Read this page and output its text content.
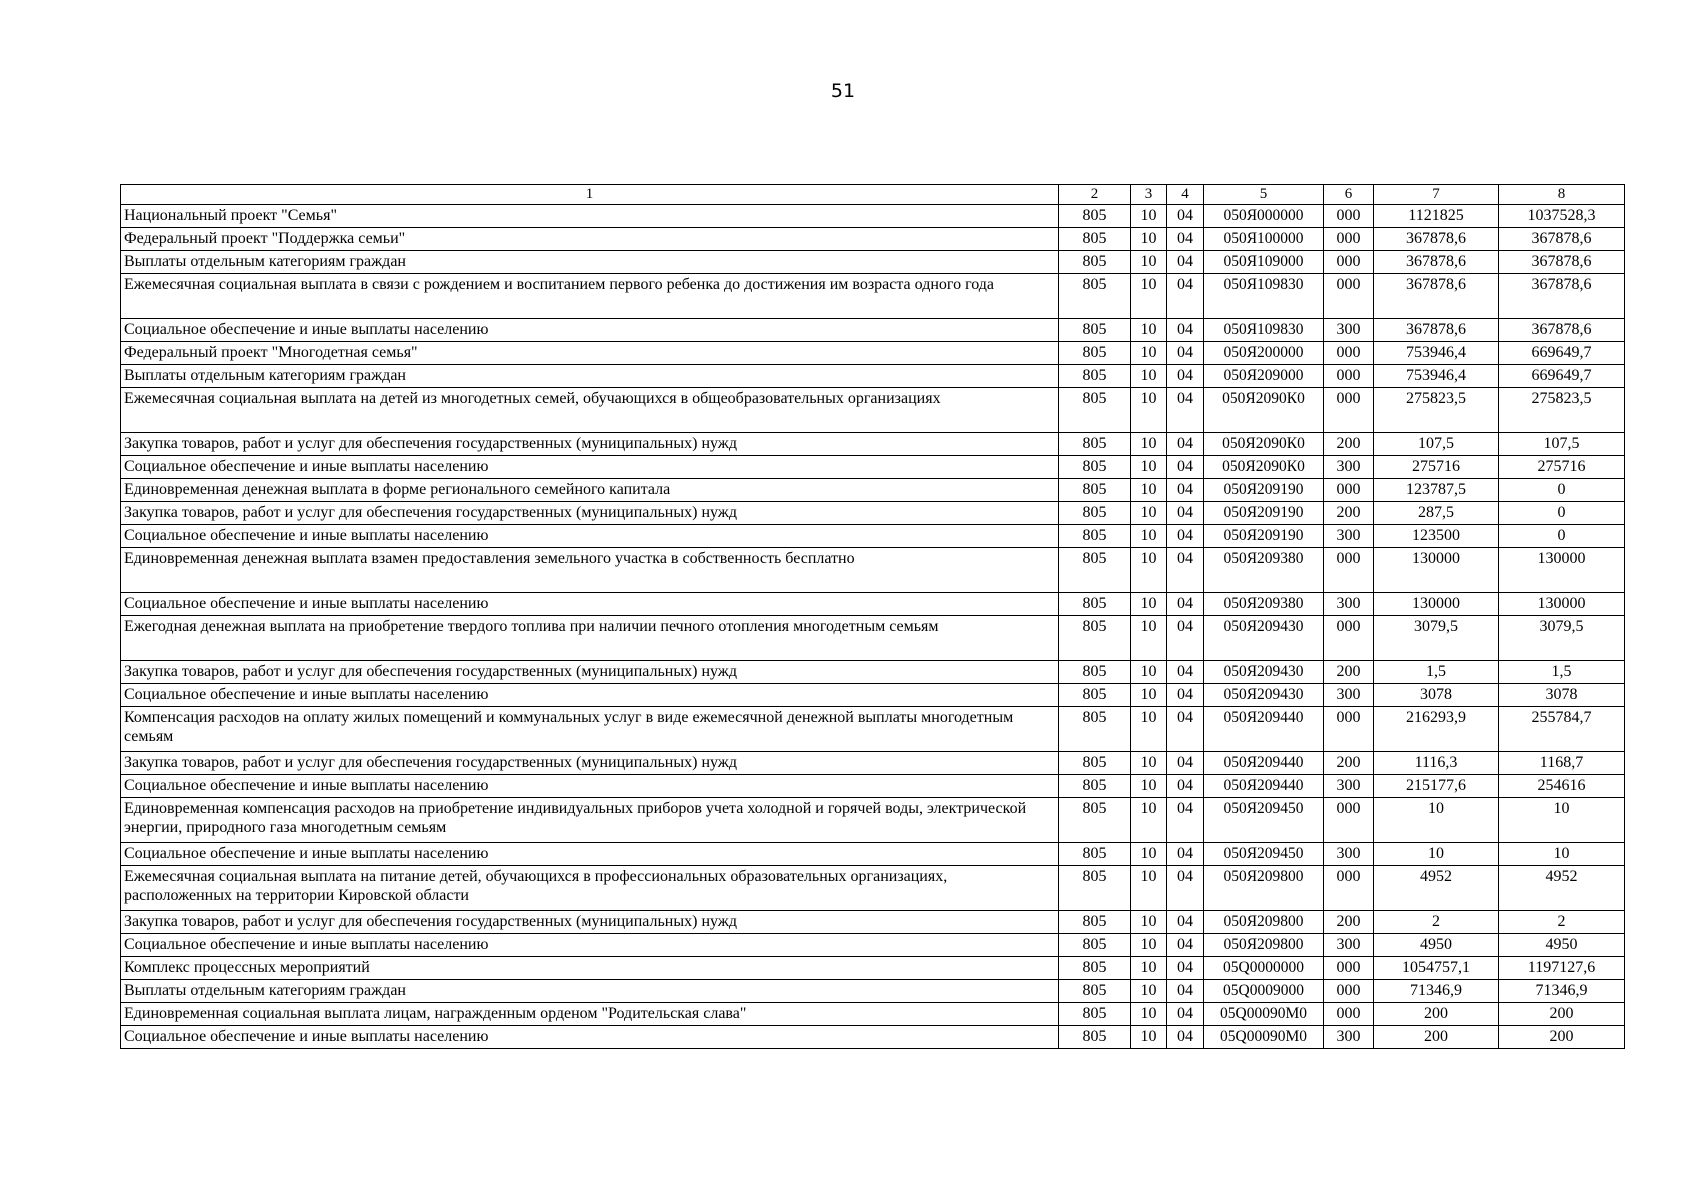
51
1	2	3	4	5	6	7	8
Национальный проект "Семья"	805	10	04	050Я000000	000	1121825	1037528,3
Федеральный проект "Поддержка семьи"	805	10	04	050Я100000	000	367878,6	367878,6
Выплаты отдельным категориям граждан	805	10	04	050Я109000	000	367878,6	367878,6
Ежемесячная социальная выплата в связи с рождением и воспитанием первого ребенка до достижения им возраста одного года	805	10	04	050Я109830	000	367878,6	367878,6
Социальное обеспечение и иные выплаты населению	805	10	04	050Я109830	300	367878,6	367878,6
Федеральный проект "Многодетная семья"	805	10	04	050Я200000	000	753946,4	669649,7
Выплаты отдельным категориям граждан	805	10	04	050Я209000	000	753946,4	669649,7
Ежемесячная социальная выплата на детей из многодетных семей, обучающихся в общеобразовательных организациях	805	10	04	050Я2090К0	000	275823,5	275823,5
Закупка товаров, работ и услуг для обеспечения государственных (муниципальных) нужд	805	10	04	050Я2090К0	200	107,5	107,5
Социальное обеспечение и иные выплаты населению	805	10	04	050Я2090К0	300	275716	275716
Единовременная денежная выплата в форме регионального семейного капитала	805	10	04	050Я209190	000	123787,5	0
Закупка товаров, работ и услуг для обеспечения государственных (муниципальных) нужд	805	10	04	050Я209190	200	287,5	0
Социальное обеспечение и иные выплаты населению	805	10	04	050Я209190	300	123500	0
Единовременная денежная выплата взамен предоставления земельного участка в собственность бесплатно	805	10	04	050Я209380	000	130000	130000
Социальное обеспечение и иные выплаты населению	805	10	04	050Я209380	300	130000	130000
Ежегодная денежная выплата на приобретение твердого топлива при наличии печного отопления многодетным семьям	805	10	04	050Я209430	000	3079,5	3079,5
Закупка товаров, работ и услуг для обеспечения государственных (муниципальных) нужд	805	10	04	050Я209430	200	1,5	1,5
Социальное обеспечение и иные выплаты населению	805	10	04	050Я209430	300	3078	3078
Компенсация расходов на оплату жилых помещений и коммунальных услуг в виде ежемесячной денежной выплаты многодетным семьям	805	10	04	050Я209440	000	216293,9	255784,7
Закупка товаров, работ и услуг для обеспечения государственных (муниципальных) нужд	805	10	04	050Я209440	200	1116,3	1168,7
Социальное обеспечение и иные выплаты населению	805	10	04	050Я209440	300	215177,6	254616
Единовременная компенсация расходов на приобретение индивидуальных приборов учета холодной и горячей воды, электрической энергии, природного газа многодетным семьям	805	10	04	050Я209450	000	10	10
Социальное обеспечение и иные выплаты населению	805	10	04	050Я209450	300	10	10
Ежемесячная социальная выплата на питание детей, обучающихся в профессиональных образовательных организациях, расположенных на территории Кировской области	805	10	04	050Я209800	000	4952	4952
Закупка товаров, работ и услуг для обеспечения государственных (муниципальных) нужд	805	10	04	050Я209800	200	2	2
Социальное обеспечение и иные выплаты населению	805	10	04	050Я209800	300	4950	4950
Комплекс процессных мероприятий	805	10	04	05Q0000000	000	1054757,1	1197127,6
Выплаты отдельным категориям граждан	805	10	04	05Q0009000	000	71346,9	71346,9
Единовременная социальная выплата лицам, награжденным орденом "Родительская слава"	805	10	04	05Q00090M0	000	200	200
Социальное обеспечение и иные выплаты населению	805	10	04	05Q00090M0	300	200	200
